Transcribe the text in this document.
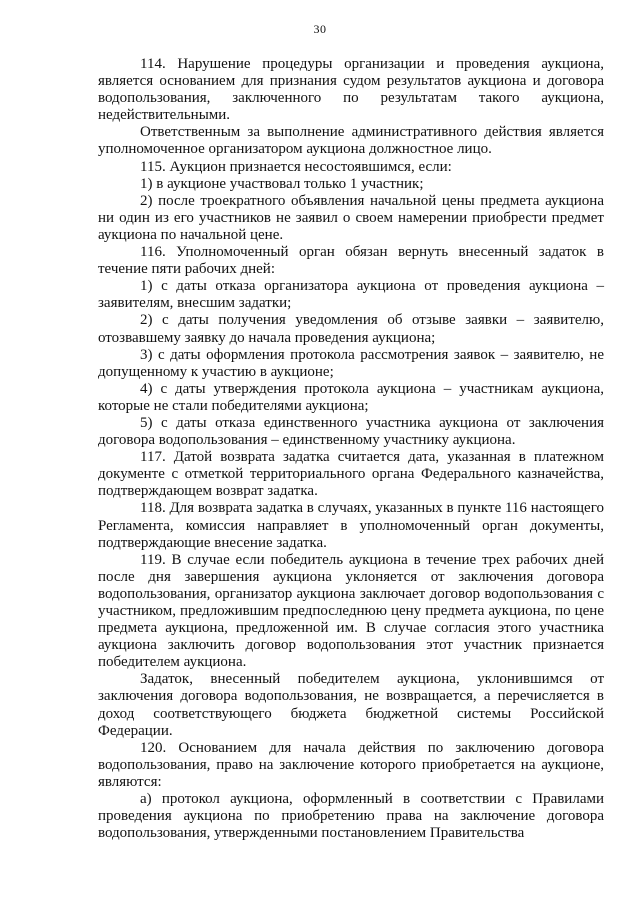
30

114. Нарушение процедуры организации и проведения аукциона, является основанием для признания судом результатов аукциона и договора водопользования, заключенного по результатам такого аукциона, недействительными.

Ответственным за выполнение административного действия является уполномоченное организатором аукциона должностное лицо.

115. Аукцион признается несостоявшимся, если:

1) в аукционе участвовал только 1 участник;

2) после троекратного объявления начальной цены предмета аукциона ни один из его участников не заявил о своем намерении приобрести предмет аукциона по начальной цене.

116. Уполномоченный орган обязан вернуть внесенный задаток в течение пяти рабочих дней:

1) с даты отказа организатора аукциона от проведения аукциона – заявителям, внесшим задатки;

2) с даты получения уведомления об отзыве заявки – заявителю, отозвавшему заявку до начала проведения аукциона;

3) с даты оформления протокола рассмотрения заявок – заявителю, не допущенному к участию в аукционе;

4) с даты утверждения протокола аукциона – участникам аукциона, которые не стали победителями аукциона;

5) с даты отказа единственного участника аукциона от заключения договора водопользования – единственному участнику аукциона.

117. Датой возврата задатка считается дата, указанная в платежном документе с отметкой территориального органа Федерального казначейства, подтверждающем возврат задатка.

118. Для возврата задатка в случаях, указанных в пункте 116 настоящего Регламента, комиссия направляет в уполномоченный орган документы, подтверждающие внесение задатка.

119. В случае если победитель аукциона в течение трех рабочих дней после дня завершения аукциона уклоняется от заключения договора водопользования, организатор аукциона заключает договор водопользования с участником, предложившим предпоследнюю цену предмета аукциона, по цене предмета аукциона, предложенной им. В случае согласия этого участника аукциона заключить договор водопользования этот участник признается победителем аукциона.

Задаток, внесенный победителем аукциона, уклонившимся от заключения договора водопользования, не возвращается, а перечисляется в доход соответствующего бюджета бюджетной системы Российской Федерации.

120. Основанием для начала действия по заключению договора водопользования, право на заключение которого приобретается на аукционе, являются:

а) протокол аукциона, оформленный в соответствии с Правилами проведения аукциона по приобретению права на заключение договора водопользования, утвержденными постановлением Правительства
